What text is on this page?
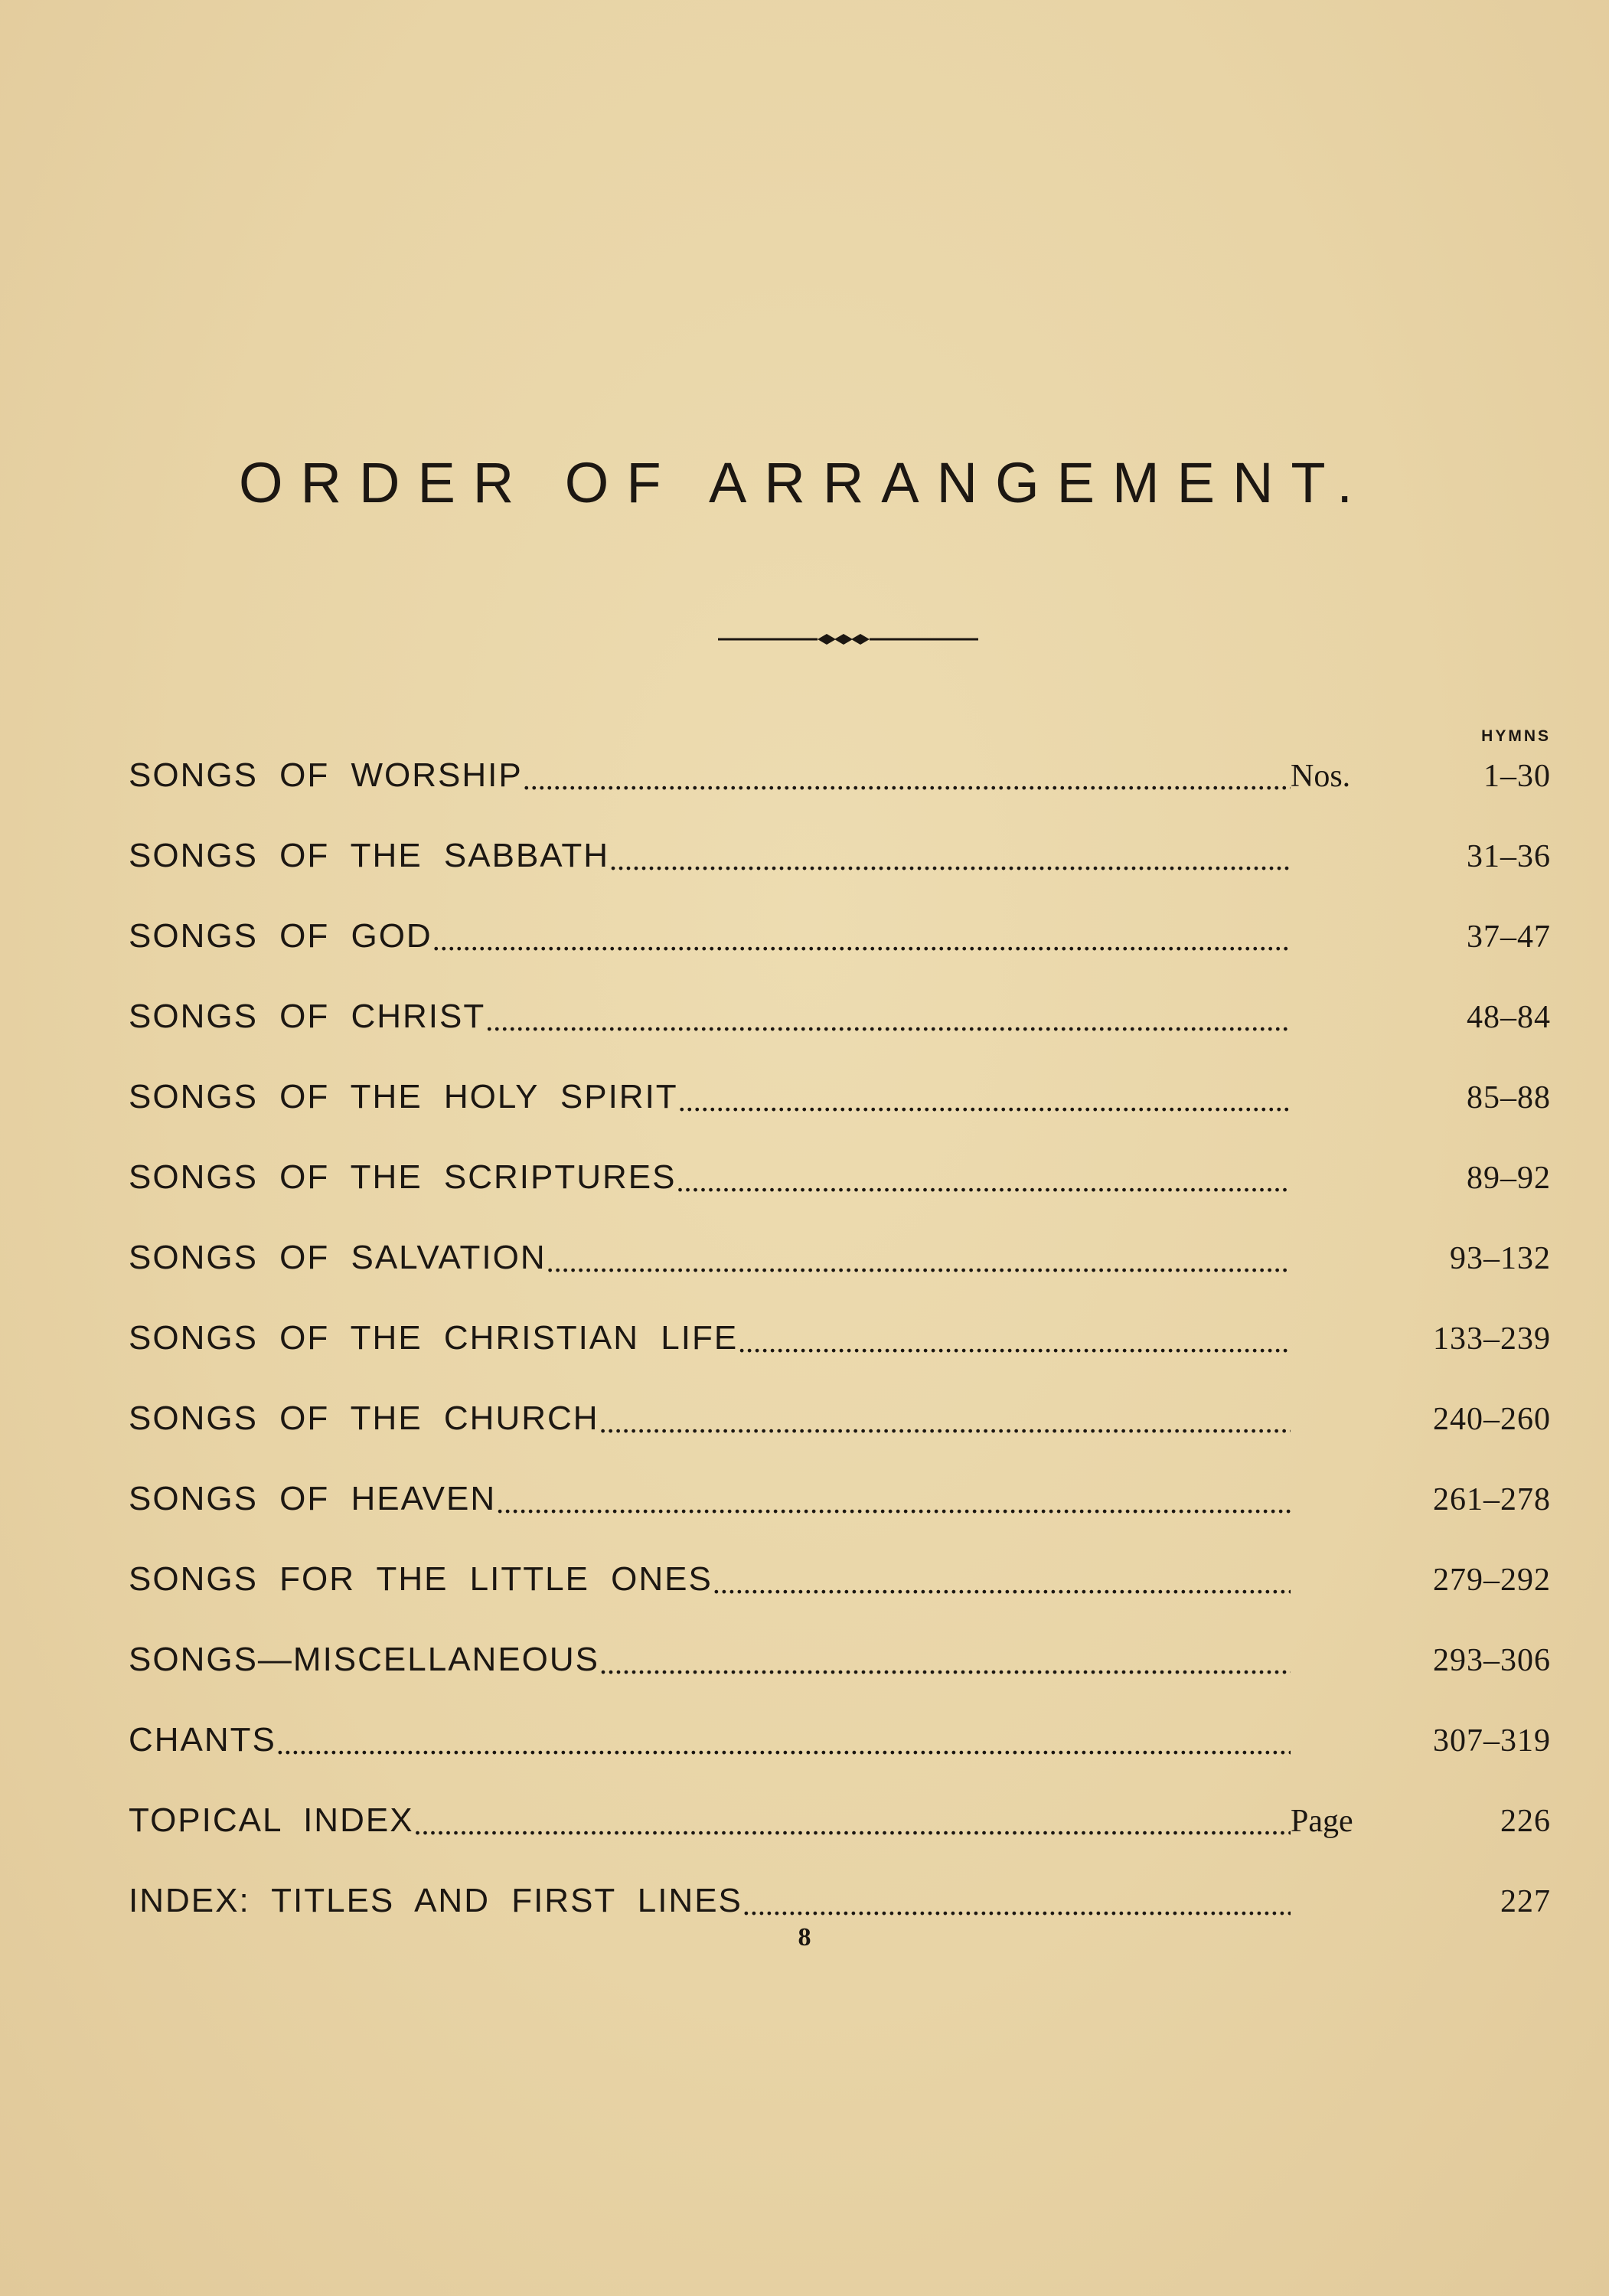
ORDER OF ARRANGEMENT.
HYMNS
SONGS OF WORSHIP . . .	Nos.	1–30
SONGS OF THE SABBATH . . .	31–36
SONGS OF GOD . . .	37–47
SONGS OF CHRIST . . .	48–84
SONGS OF THE HOLY SPIRIT . . .	85–88
SONGS OF THE SCRIPTURES . . .	89–92
SONGS OF SALVATION . . .	93–132
SONGS OF THE CHRISTIAN LIFE . . .	133–239
SONGS OF THE CHURCH . . .	240–260
SONGS OF HEAVEN . . .	261–278
SONGS FOR THE LITTLE ONES . . .	279–292
SONGS—MISCELLANEOUS . . .	293–306
CHANTS . . .	307–319
TOPICAL INDEX . . .	Page	226
INDEX: TITLES AND FIRST LINES . . .	227
8
